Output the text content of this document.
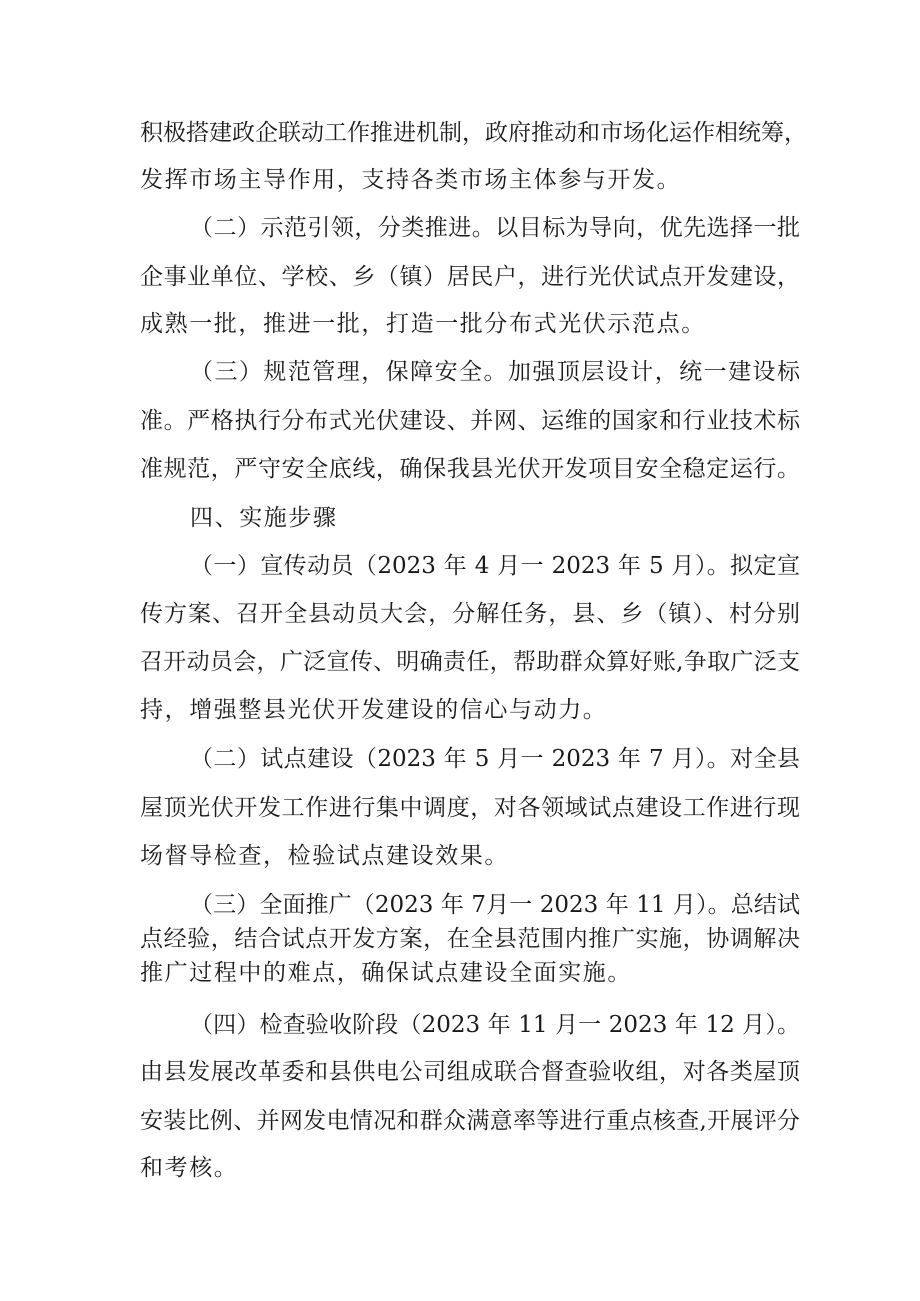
积极搭建政企联动工作推进机制，政府推动和市场化运作相统筹，
发挥市场主导作用，支持各类市场主体参与开发。
（二）示范引领，分类推进。以目标为导向，优先选择一批
企事业单位、学校、乡（镇）居民户，进行光伏试点开发建设，
成熟一批，推进一批，打造一批分布式光伏示范点。
（三）规范管理，保障安全。加强顶层设计，统一建设标
准。严格执行分布式光伏建设、并网、运维的国家和行业技术标
准规范，严守安全底线，确保我县光伏开发项目安全稳定运行。
四、实施步骤
（一）宣传动员（2023 年 4 月一 2023 年 5 月）。拟定宣
传方案、召开全县动员大会，分解任务，县、乡（镇）、村分别
召开动员会，广泛宣传、明确责任，帮助群众算好账,争取广泛支
持，增强整县光伏开发建设的信心与动力。
（二）试点建设（2023 年 5 月一 2023 年 7 月）。对全县
屋顶光伏开发工作进行集中调度，对各领域试点建设工作进行现
场督导检查，检验试点建设效果。
（三）全面推广（2023 年 7月一 2023 年 11 月）。总结试
点经验，结合试点开发方案，在全县范围内推广实施，协调解决
推广过程中的难点，确保试点建设全面实施。
（四）检查验收阶段（2023 年 11 月一 2023 年 12 月）。
由县发展改革委和县供电公司组成联合督查验收组，对各类屋顶
安装比例、并网发电情况和群众满意率等进行重点核查,开展评分
和考核。
